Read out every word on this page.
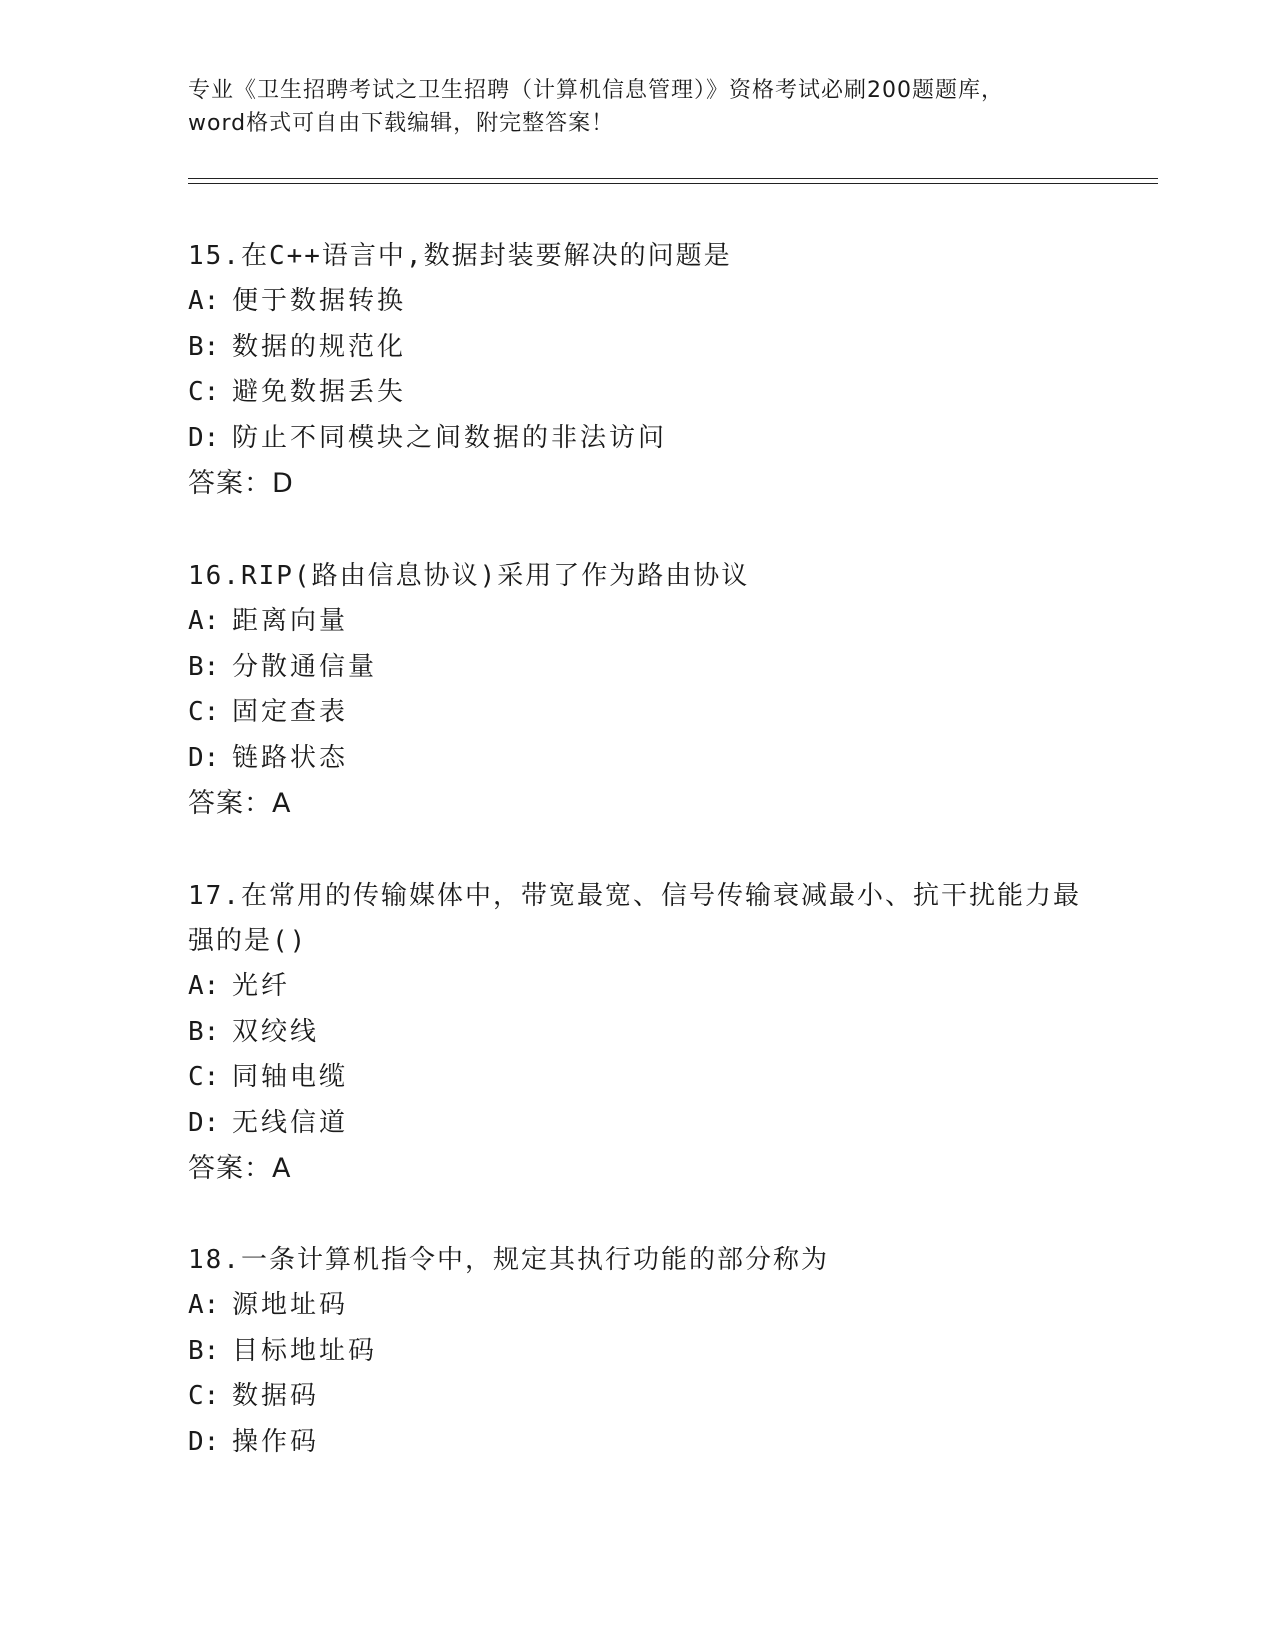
专业《卫生招聘考试之卫生招聘（计算机信息管理）》资格考试必刷200题题库，
word格式可自由下载编辑，附完整答案！
15.在C++语言中,数据封装要解决的问题是
A: 便于数据转换
B: 数据的规范化
C: 避免数据丢失
D: 防止不同模块之间数据的非法访问
答案：D
16.RIP(路由信息协议)采用了作为路由协议
A: 距离向量
B: 分散通信量
C: 固定查表
D: 链路状态
答案：A
17.在常用的传输媒体中，带宽最宽、信号传输衰减最小、抗干扰能力最强的是()
A: 光纤
B: 双绞线
C: 同轴电缆
D: 无线信道
答案：A
18.一条计算机指令中，规定其执行功能的部分称为
A: 源地址码
B: 目标地址码
C: 数据码
D: 操作码
